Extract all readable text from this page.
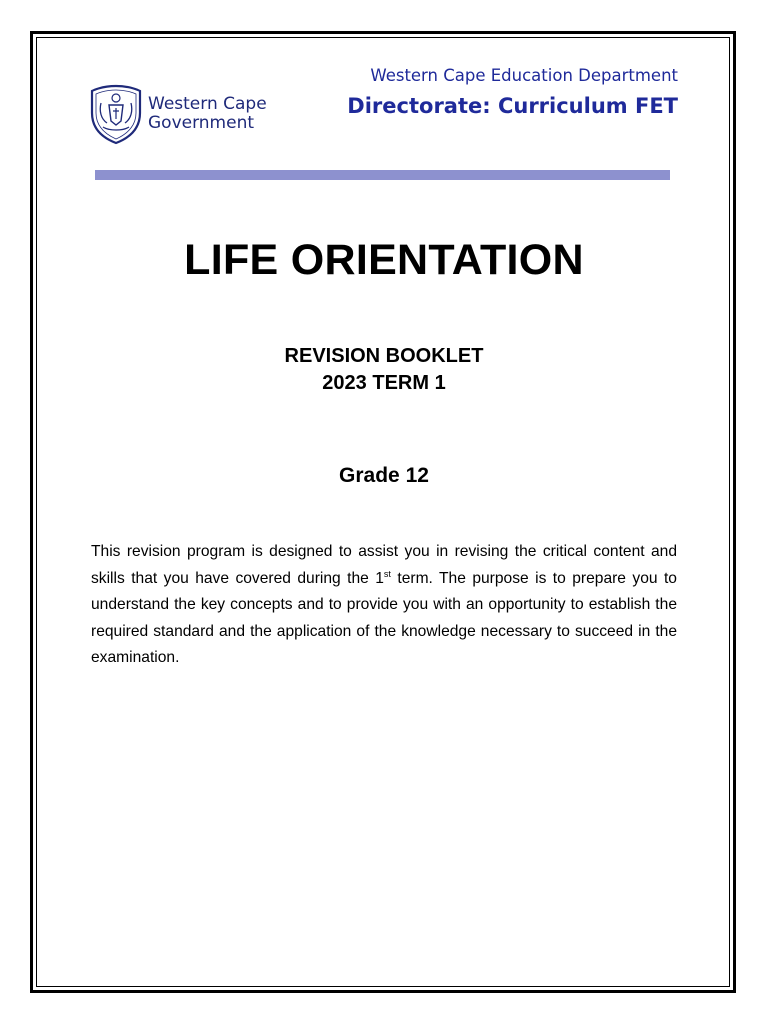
Western Cape
Government
Western Cape Education Department
Directorate: Curriculum FET
LIFE ORIENTATION
REVISION BOOKLET
2023 TERM 1
Grade 12
This revision program is designed to assist you in revising the critical content and skills that you have covered during the 1st term. The purpose is to prepare you to understand the key concepts and to provide you with an opportunity to establish the required standard and the application of the knowledge necessary to succeed in the examination.
